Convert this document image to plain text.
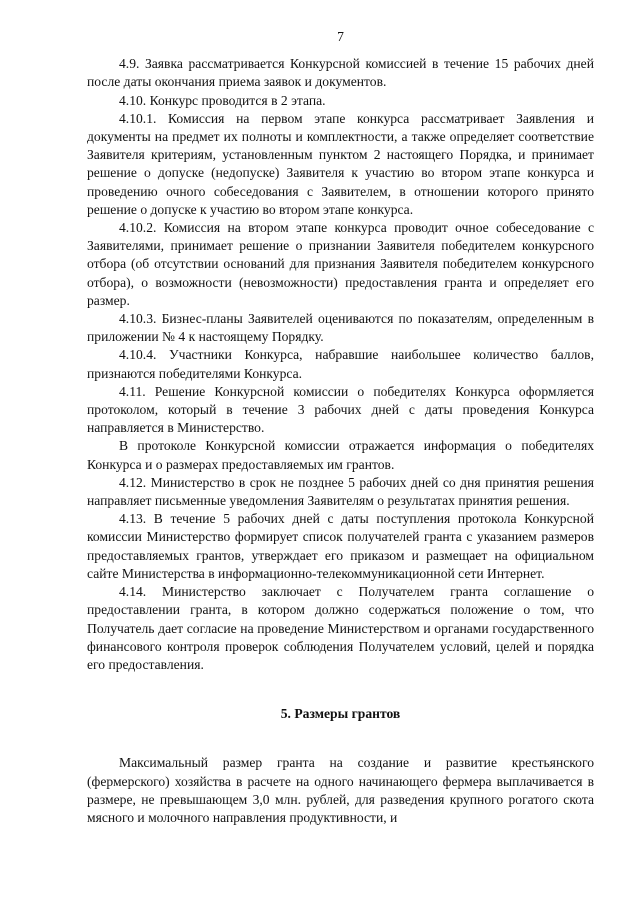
7

4.9. Заявка рассматривается Конкурсной комиссией в течение 15 рабочих дней после даты окончания приема заявок и документов.

4.10. Конкурс проводится в 2 этапа.

4.10.1. Комиссия на первом этапе конкурса рассматривает Заявления и документы на предмет их полноты и комплектности, а также определяет соответствие Заявителя критериям, установленным пунктом 2 настоящего Порядка, и принимает решение о допуске (недопуске) Заявителя к участию во втором этапе конкурса и проведению очного собеседования с Заявителем, в отношении которого принято решение о допуске к участию во втором этапе конкурса.

4.10.2. Комиссия на втором этапе конкурса проводит очное собеседование с Заявителями, принимает решение о признании Заявителя победителем конкурсного отбора (об отсутствии оснований для признания Заявителя победителем конкурсного отбора), о возможности (невозможности) предоставления гранта и определяет его размер.

4.10.3. Бизнес-планы Заявителей оцениваются по показателям, определенным в приложении № 4 к настоящему Порядку.

4.10.4. Участники Конкурса, набравшие наибольшее количество баллов, признаются победителями Конкурса.

4.11. Решение Конкурсной комиссии о победителях Конкурса оформляется протоколом, который в течение 3 рабочих дней с даты проведения Конкурса направляется в Министерство.

В протоколе Конкурсной комиссии отражается информация о победителях Конкурса и о размерах предоставляемых им грантов.

4.12. Министерство в срок не позднее 5 рабочих дней со дня принятия решения направляет письменные уведомления Заявителям о результатах принятия решения.

4.13. В течение 5 рабочих дней с даты поступления протокола Конкурсной комиссии Министерство формирует список получателей гранта с указанием размеров предоставляемых грантов, утверждает его приказом и размещает на официальном сайте Министерства в информационно-телекоммуникационной сети Интернет.

4.14. Министерство заключает с Получателем гранта соглашение о предоставлении гранта, в котором должно содержаться положение о том, что Получатель дает согласие на проведение Министерством и органами государственного финансового контроля проверок соблюдения Получателем условий, целей и порядка его предоставления.

5. Размеры грантов

Максимальный размер гранта на создание и развитие крестьянского (фермерского) хозяйства в расчете на одного начинающего фермера выплачивается в размере, не превышающем 3,0 млн. рублей, для разведения крупного рогатого скота мясного и молочного направления продуктивности, и
